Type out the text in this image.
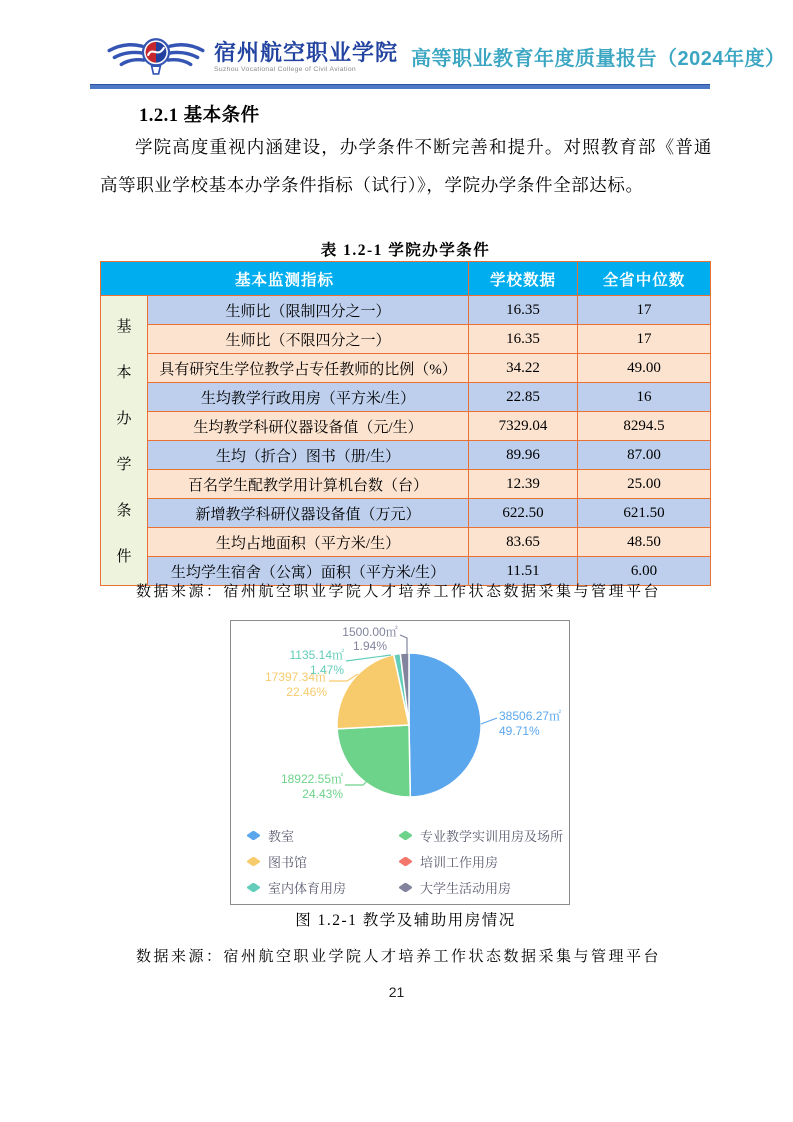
宿州航空职业学院
Suzhou Vocational College of Civil Aviation	高等职业教育年度质量报告（2024年度）
1.2.1 基本条件
学院高度重视内涵建设，办学条件不断完善和提升。对照教育部《普通高等职业学校基本办学条件指标（试行）》，学院办学条件全部达标。
表 1.2-1 学院办学条件
基本监测指标		学校数据	全省中位数

基
本
办
学
条
件
	生师比（限制四分之一）	16.35	17
	生师比（不限四分之一）	16.35	17
	具有研究生学位教学占专任教师的比例（%）	34.22	49.00
	生均教学行政用房（平方米/生）	22.85	16
	生均教学科研仪器设备值（元/生）	7329.04	8294.5
	生均（折合）图书（册/生）	89.96	87.00
	百名学生配教学用计算机台数（台）	12.39	25.00
	新增教学科研仪器设备值（万元）	622.50	621.50
	生均占地面积（平方米/生）	83.65	48.50
	生均学生宿舍（公寓）面积（平方米/生）	11.51	6.00
数据来源：宿州航空职业学院人才培养工作状态数据采集与管理平台
38506.27㎡
49.71%
18922.55㎡
24.43%
17397.34㎡
22.46%
1135.14㎡
1.47%
1500.00㎡
1.94%
教室	专业教学实训用房及场所
图书馆	培训工作用房
室内体育用房	大学生活动用房
图 1.2-1 教学及辅助用房情况
数据来源：宿州航空职业学院人才培养工作状态数据采集与管理平台
21
